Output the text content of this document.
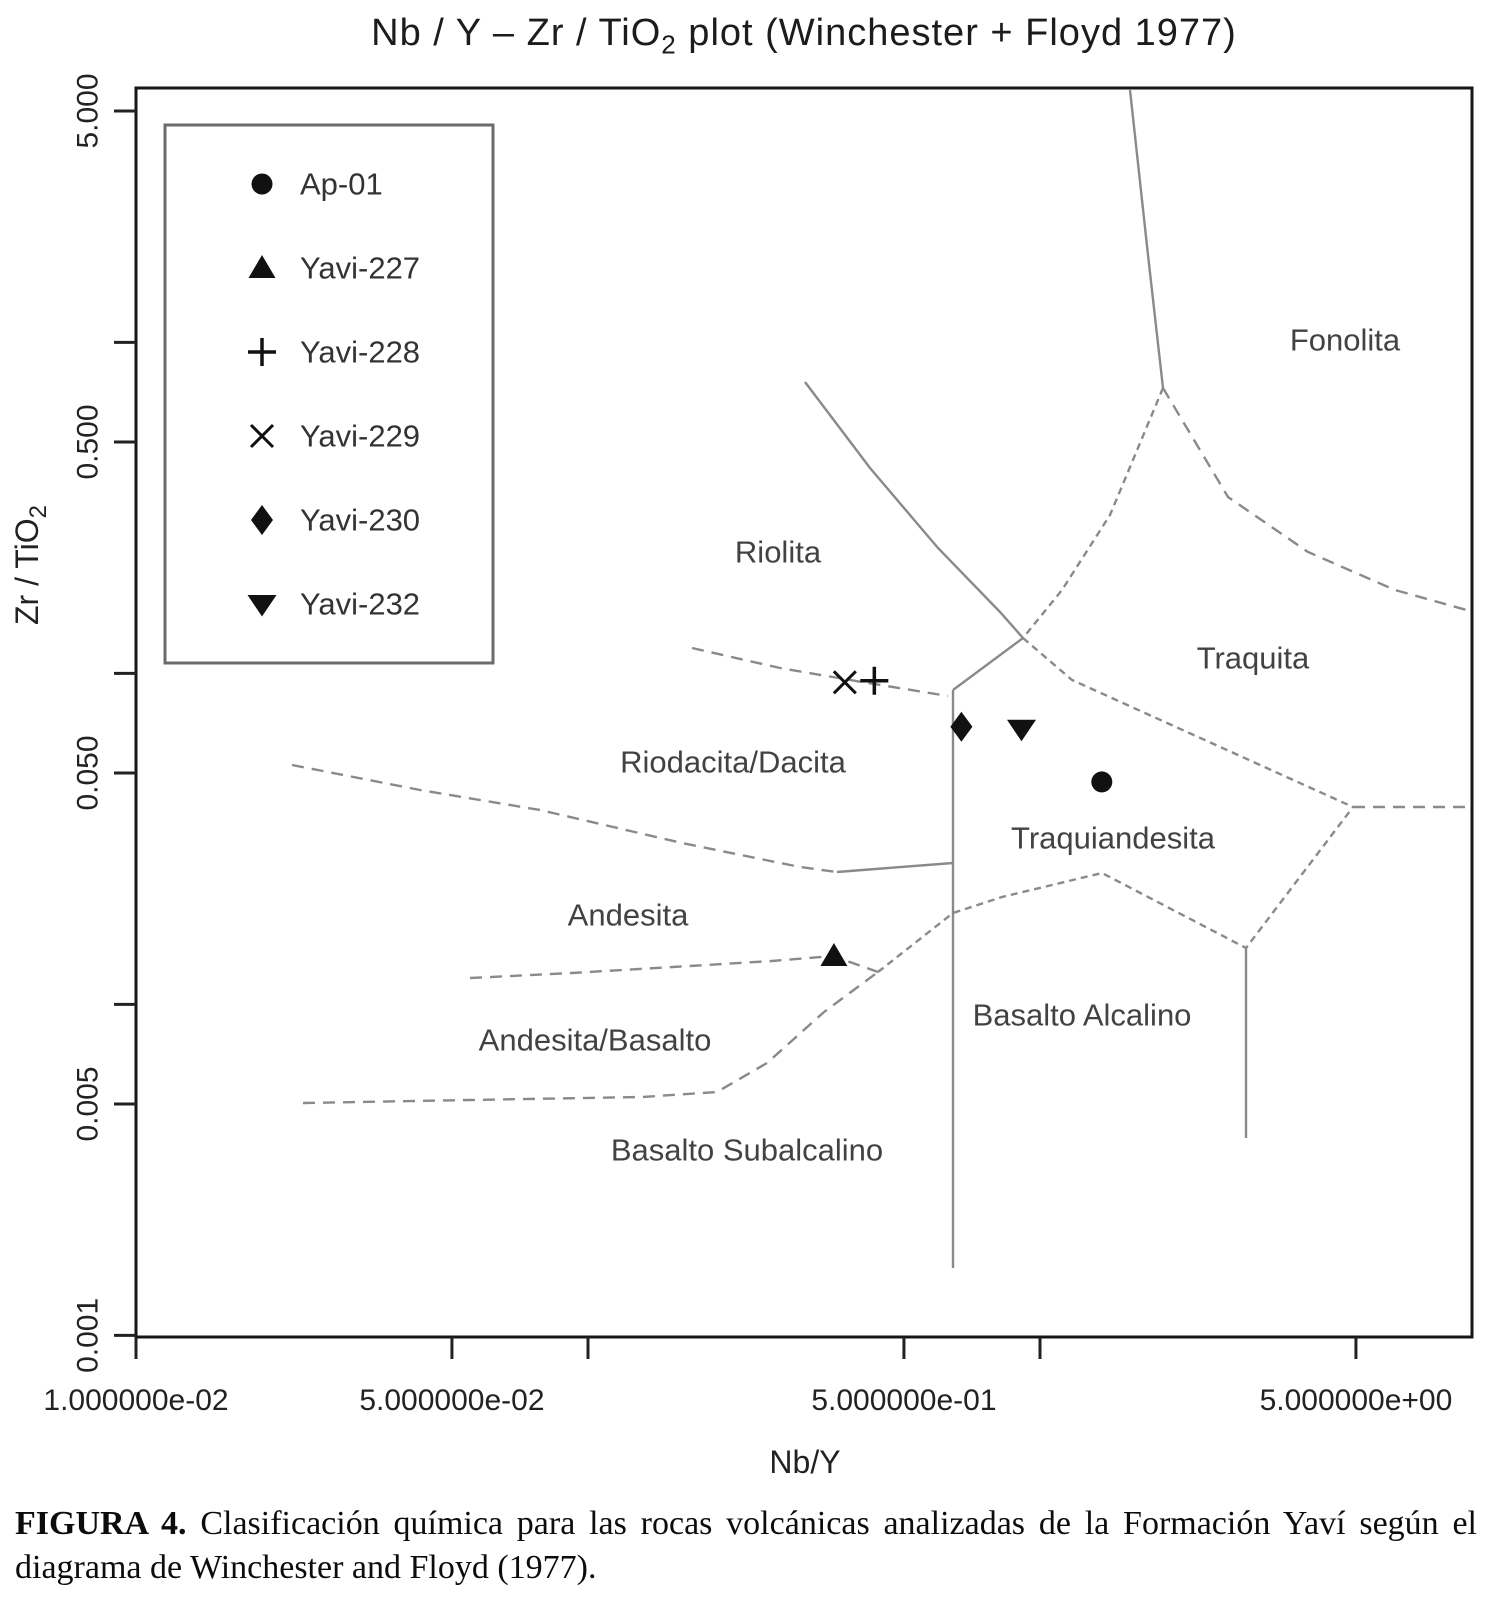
Nb / Y – Zr / TiO$_2$ plot (Winchester + Floyd 1977)
1.000000e-02	5.000000e-02	5.000000e-01	5.000000e+00
5.000
0.500
0.050
0.005
0.001
Fonolita
Riolita
Traquita
Riodacita/Dacita
Traquiandesita
Andesita
Basalto Alcalino
Andesita/Basalto
Basalto Subalcalino
Ap-01
Yavi-227
Yavi-228
Yavi-229
Yavi-230
Yavi-232
Nb/Y
Zr / TiO$_2$
FIGURA 4. Clasificación química para las rocas volcánicas analizadas de la Formación Yaví según el
diagrama de Winchester and Floyd (1977).
